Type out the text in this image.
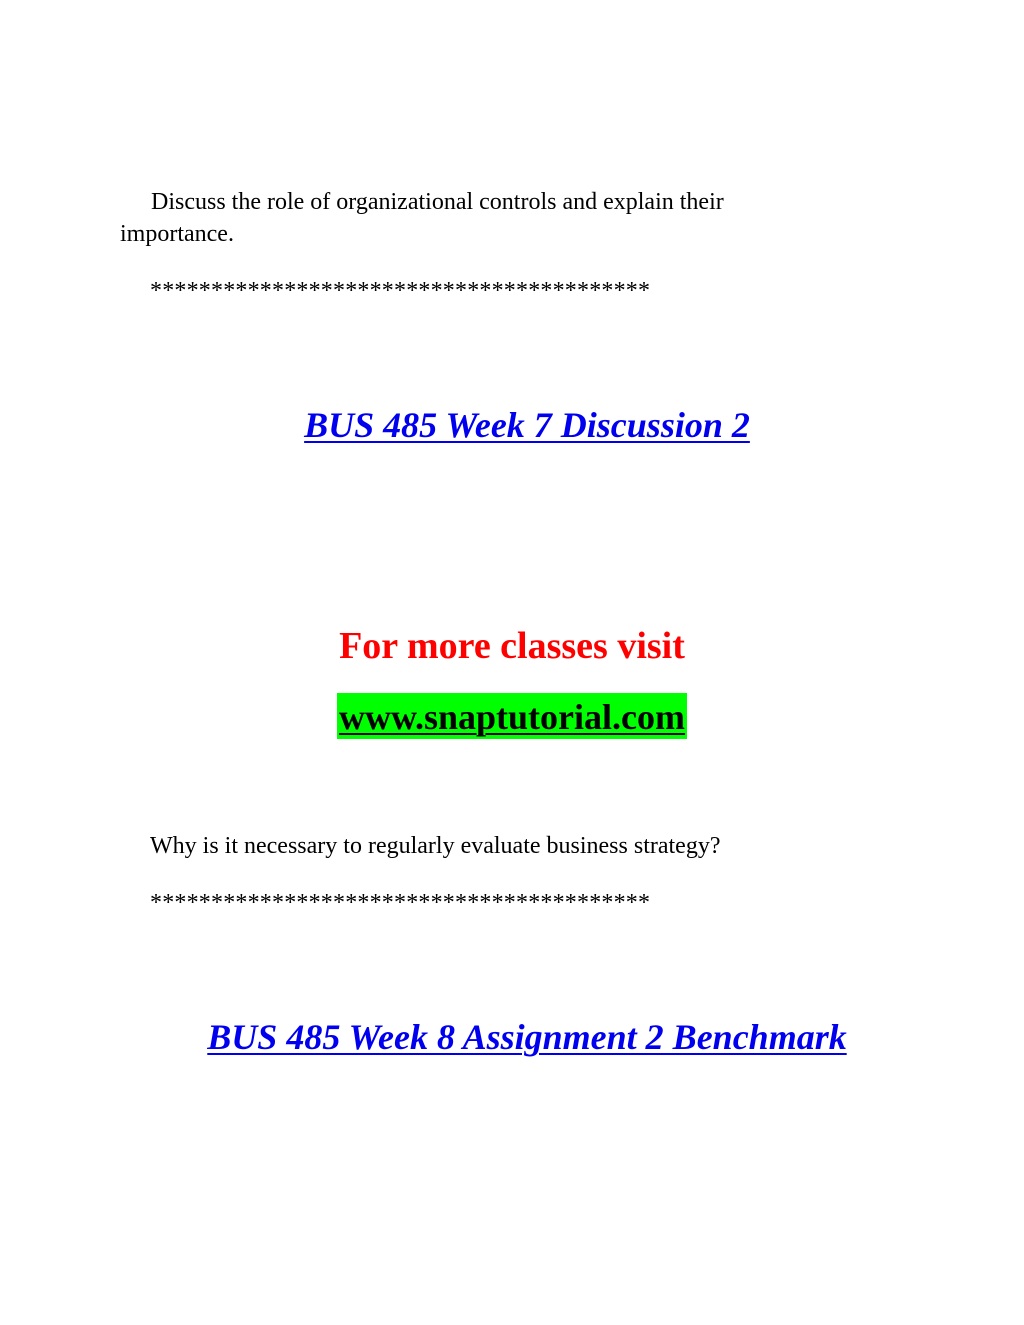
Discuss the role of organizational controls and explain their importance.

*****************************************

BUS 485 Week 7 Discussion 2

For more classes visit

www.snaptutorial.com

Why is it necessary to regularly evaluate business strategy?

*****************************************

BUS 485 Week 8 Assignment 2 Benchmark
